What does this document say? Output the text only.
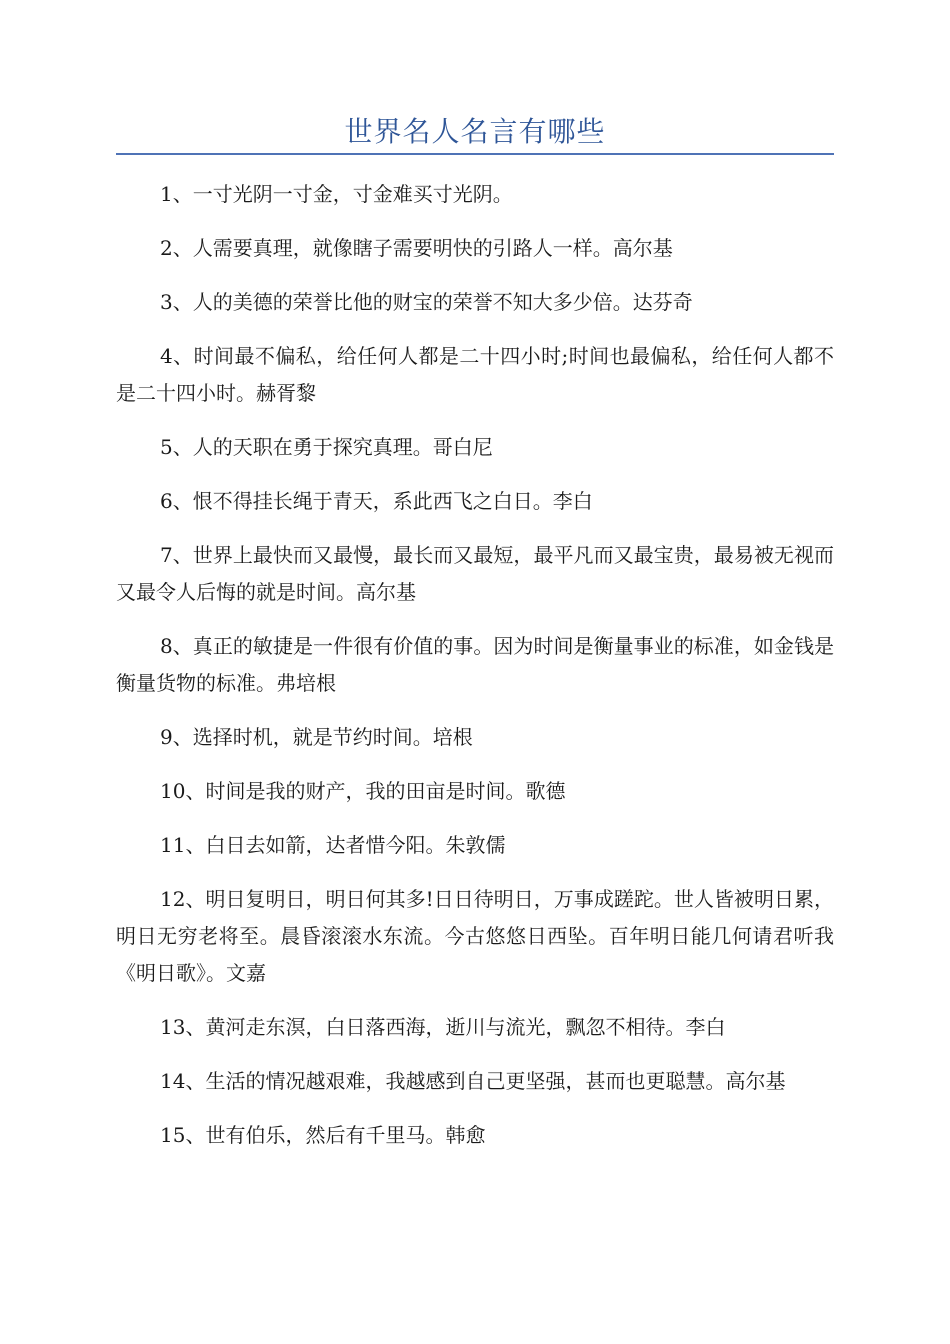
世界名人名言有哪些

1、一寸光阴一寸金，寸金难买寸光阴。

2、人需要真理，就像瞎子需要明快的引路人一样。高尔基

3、人的美德的荣誉比他的财宝的荣誉不知大多少倍。达芬奇

4、时间最不偏私，给任何人都是二十四小时;时间也最偏私，给任何人都不是二十四小时。赫胥黎

5、人的天职在勇于探究真理。哥白尼

6、恨不得挂长绳于青天，系此西飞之白日。李白

7、世界上最快而又最慢，最长而又最短，最平凡而又最宝贵，最易被无视而又最令人后悔的就是时间。高尔基

8、真正的敏捷是一件很有价值的事。因为时间是衡量事业的标准，如金钱是衡量货物的标准。弗培根

9、选择时机，就是节约时间。培根

10、时间是我的财产，我的田亩是时间。歌德

11、白日去如箭，达者惜今阳。朱敦儒

12、明日复明日，明日何其多!日日待明日，万事成蹉跎。世人皆被明日累，明日无穷老将至。晨昏滚滚水东流。今古悠悠日西坠。百年明日能几何请君听我《明日歌》。文嘉

13、黄河走东溟，白日落西海，逝川与流光，飘忽不相待。李白

14、生活的情况越艰难，我越感到自己更坚强，甚而也更聪慧。高尔基

15、世有伯乐，然后有千里马。韩愈
